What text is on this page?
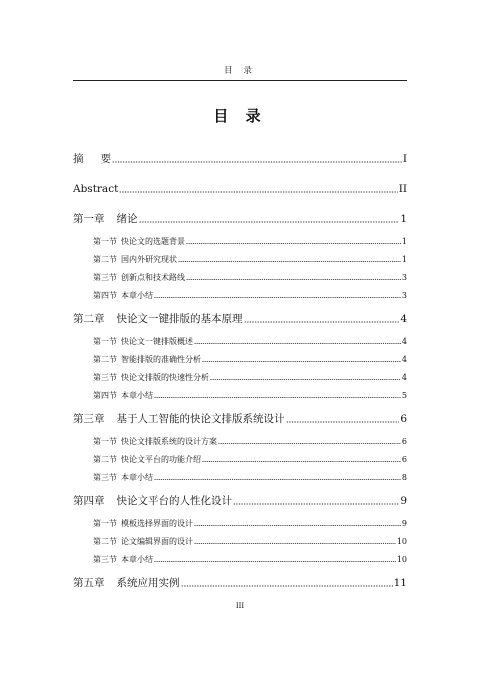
目 录
目 录
摘 要	I
Abstract	II
第一章 绪论	1
第一节 快论文的选题背景	1
第二节 国内外研究现状	1
第三节 创新点和技术路线	3
第四节 本章小结	3
第二章 快论文一键排版的基本原理	4
第一节 快论文一键排版概述	4
第二节 智能排版的准确性分析	4
第三节 快论文排版的快速性分析	4
第四节 本章小结	5
第三章 基于人工智能的快论文排版系统设计	6
第一节 快论文排版系统的设计方案	6
第二节 快论文平台的功能介绍	6
第三节 本章小结	8
第四章 快论文平台的人性化设计	9
第一节 模板选择界面的设计	9
第二节 论文编辑界面的设计	10
第三节 本章小结	10
第五章 系统应用实例	11
III
